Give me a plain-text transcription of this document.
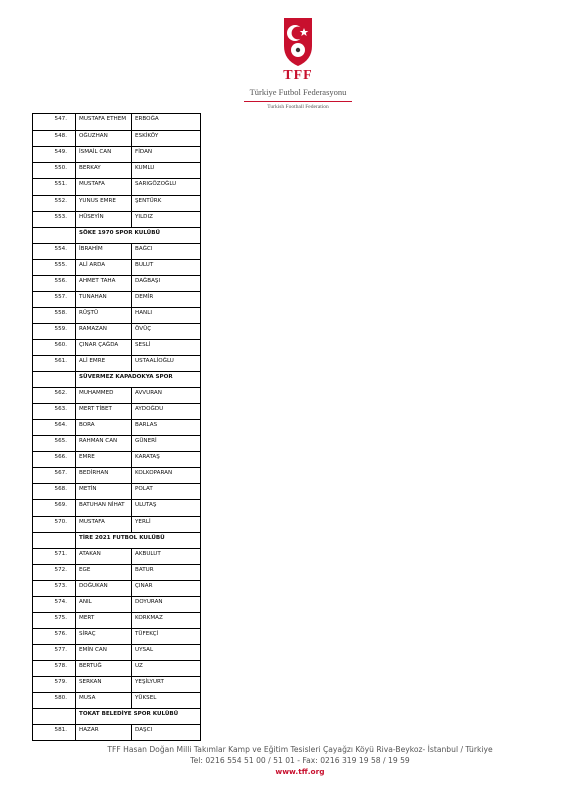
TFF
Türkiye Futbol Federasyonu
Turkish Football Federation
547.	MUSTAFA ETHEM	ERBOĞA
548.	OĞUZHAN	ESKİKÖY
549.	İSMAİL CAN	FİDAN
550.	BERKAY	KUMLU
551.	MUSTAFA	SARIGÖZOĞLU
552.	YUNUS EMRE	ŞENTÜRK
553.	HÜSEYİN	YILDIZ
SÖKE 1970 SPOR KULÜBÜ
554.	İBRAHİM	BAĞCI
555.	ALİ ARDA	BULUT
556.	AHMET TAHA	DAĞBAŞI
557.	TUNAHAN	DEMİR
558.	RÜŞTÜ	HANLI
559.	RAMAZAN	ÖVÜÇ
560.	ÇINAR ÇAĞDA	SESLİ
561.	ALİ EMRE	USTAALİOĞLU
SÜVERMEZ KAPADOKYA SPOR
562.	MUHAMMED	AVVURAN
563.	MERT TİBET	AYDOĞDU
564.	BORA	BARLAS
565.	RAHMAN CAN	GÜNERİ
566.	EMRE	KARATAŞ
567.	BEDİRHAN	KOLKOPARAN
568.	METİN	POLAT
569.	BATUHAN NİHAT	ULUTAŞ
570.	MUSTAFA	YERLİ
TİRE 2021 FUTBOL KULÜBÜ
571.	ATAKAN	AKBULUT
572.	EGE	BATUR
573.	DOĞUKAN	ÇINAR
574.	ANIL	DOYURAN
575.	MERT	KORKMAZ
576.	SİRAÇ	TÜFEKÇİ
577.	EMİN CAN	UYSAL
578.	BERTUĞ	UZ
579.	SERKAN	YEŞİLYURT
580.	MUSA	YÜKSEL
TOKAT BELEDİYE SPOR KULÜBÜ
581.	HAZAR	DAŞCI
TFF Hasan Doğan Milli Takımlar Kamp ve Eğitim Tesisleri Çayağzı Köyü Riva-Beykoz- İstanbul / Türkiye
Tel: 0216 554 51 00 / 51 01 - Fax: 0216 319 19 58 / 19 59
www.tff.org
